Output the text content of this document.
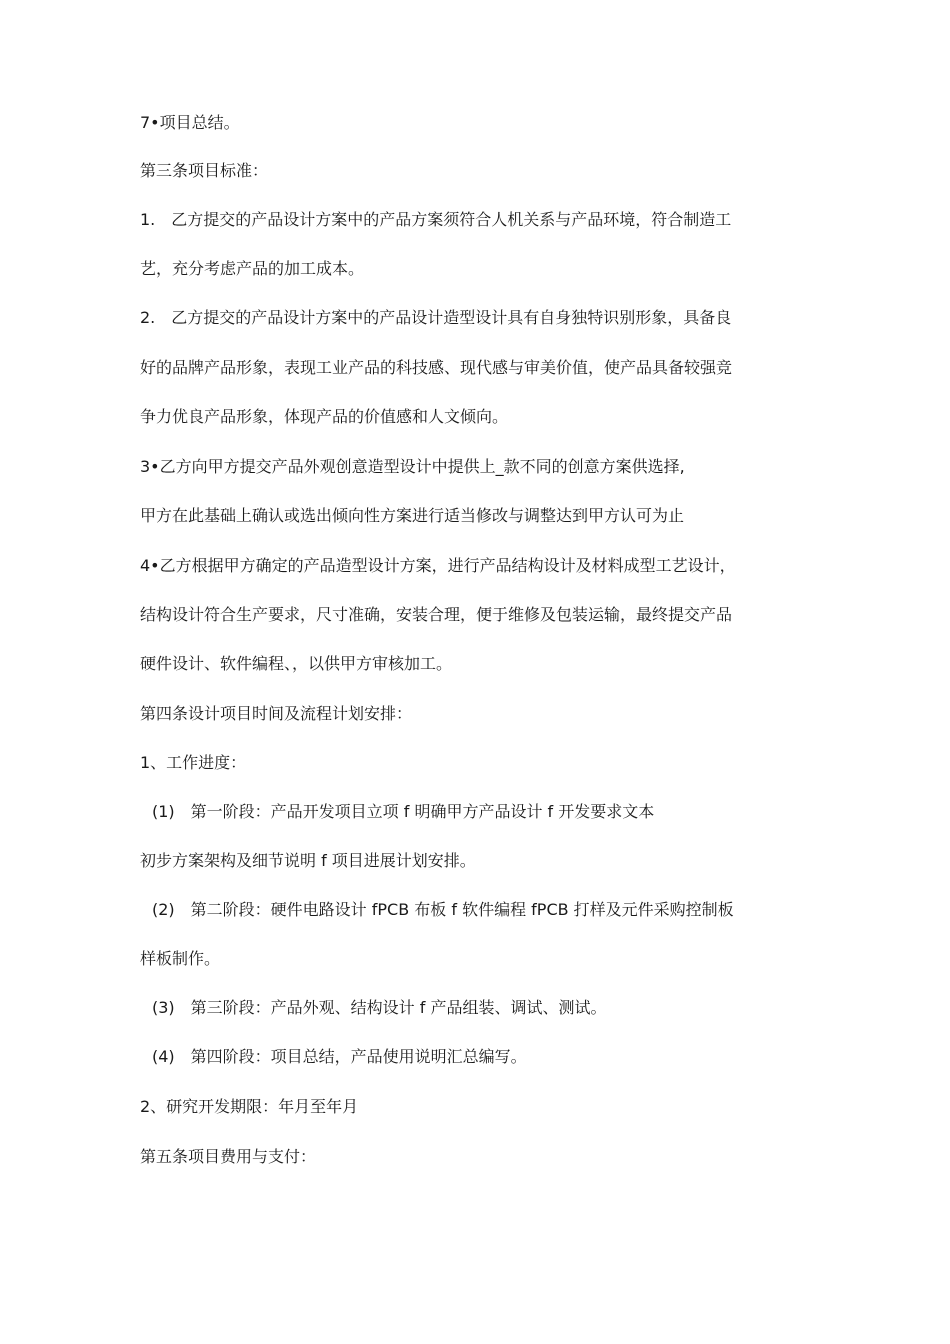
7•项目总结。
第三条项目标准：
1.　乙方提交的产品设计方案中的产品方案须符合人机关系与产品环境，符合制造工
艺，充分考虑产品的加工成本。
2.　乙方提交的产品设计方案中的产品设计造型设计具有自身独特识别形象，具备良
好的品牌产品形象，表现工业产品的科技感、现代感与审美价值，使产品具备较强竞
争力优良产品形象，体现产品的价值感和人文倾向。
3•乙方向甲方提交产品外观创意造型设计中提供上_款不同的创意方案供选择,
甲方在此基础上确认或选出倾向性方案进行适当修改与调整达到甲方认可为止
4•乙方根据甲方确定的产品造型设计方案，进行产品结构设计及材料成型工艺设计，
结构设计符合生产要求，尺寸准确，安装合理，便于维修及包装运输，最终提交产品
硬件设计、软件编程、，以供甲方审核加工。
第四条设计项目时间及流程计划安排：
1、工作进度：
(1)　第一阶段：产品开发项目立项 f 明确甲方产品设计 f 开发要求文本
初步方案架构及细节说明 f 项目进展计划安排。
(2)　第二阶段：硬件电路设计 fPCB 布板 f 软件编程 fPCB 打样及元件采购控制板
样板制作。
(3)　第三阶段：产品外观、结构设计 f 产品组装、调试、测试。
(4)　第四阶段：项目总结，产品使用说明汇总编写。
2、研究开发期限：年月至年月
第五条项目费用与支付：
